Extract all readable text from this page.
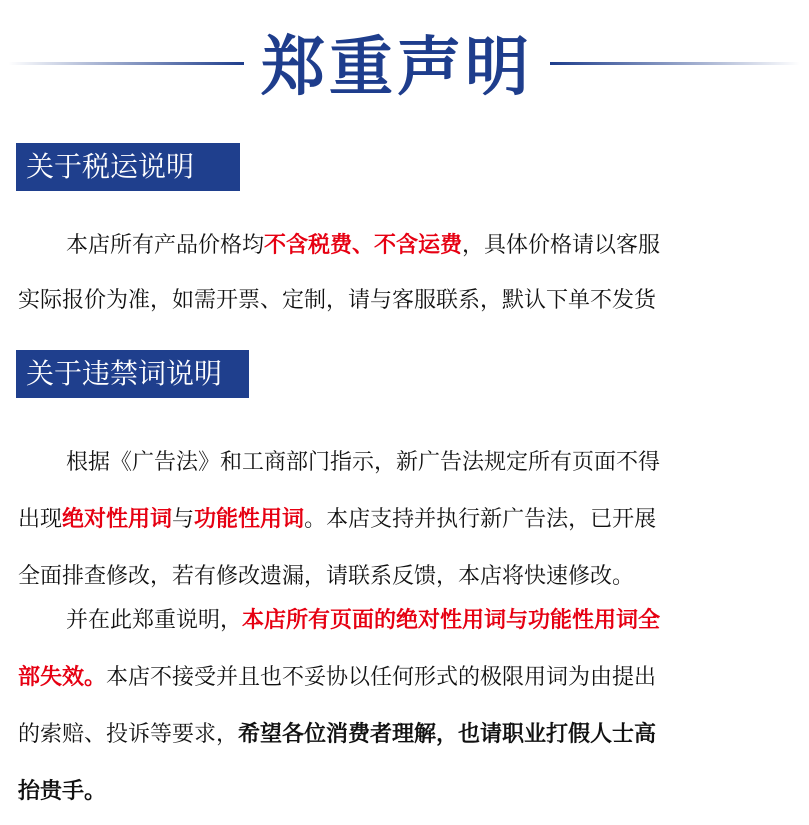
郑重声明
关于税运说明

本店所有产品价格均不含税费、不含运费，具体价格请以客服

实际报价为准，如需开票、定制，请与客服联系，默认下单不发货

关于违禁词说明

根据《广告法》和工商部门指示，新广告法规定所有页面不得

出现绝对性用词与功能性用词。本店支持并执行新广告法，已开展

全面排查修改，若有修改遗漏，请联系反馈，本店将快速修改。

并在此郑重说明，本店所有页面的绝对性用词与功能性用词全

部失效。本店不接受并且也不妥协以任何形式的极限用词为由提出

的索赔、投诉等要求，希望各位消费者理解，也请职业打假人士高

抬贵手。
